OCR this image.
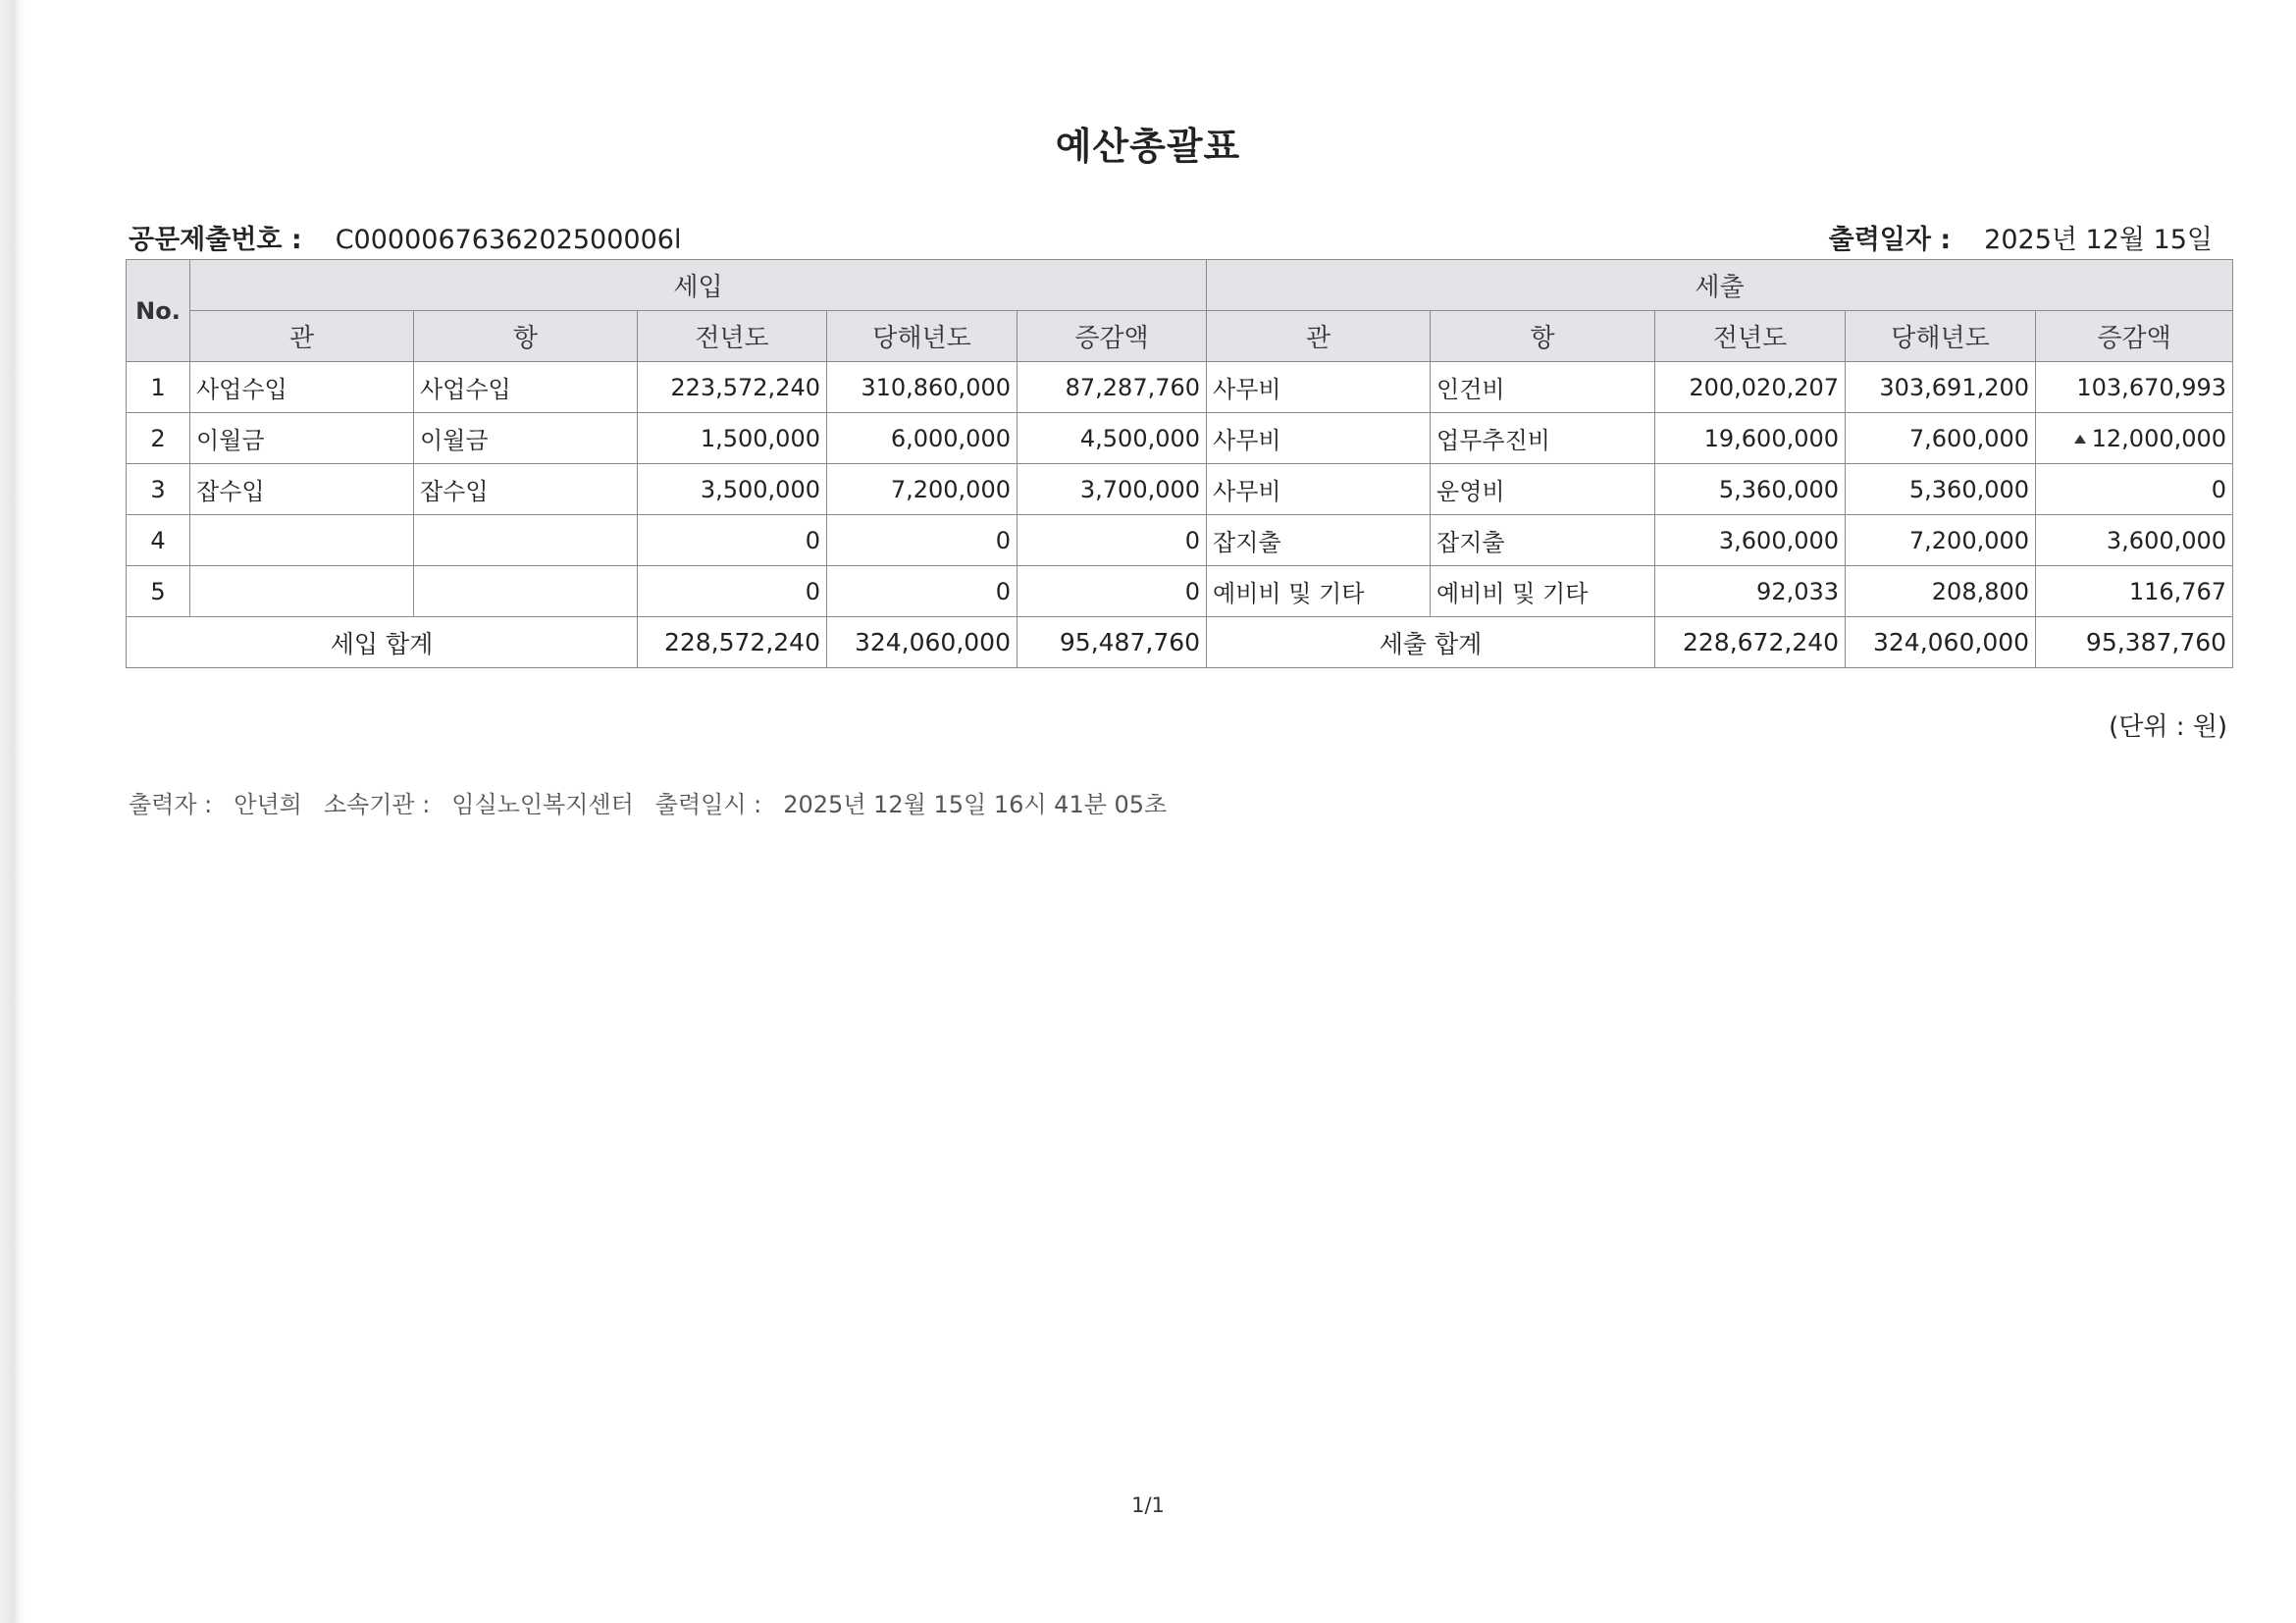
예산총괄표
공문제출번호 : C0000067636202500006l	출력일자 : 2025년 12월 15일
No.	세입					세출				
	관	항	전년도	당해년도	증감액	관	항	전년도	당해년도	증감액
1	사업수입	사업수입	223,572,240	310,860,000	87,287,760	사무비	인건비	200,020,207	303,691,200	103,670,993
2	이월금	이월금	1,500,000	6,000,000	4,500,000	사무비	업무추진비	19,600,000	7,600,000	12,000,000
3	잡수입	잡수입	3,500,000	7,200,000	3,700,000	사무비	운영비	5,360,000	5,360,000	0
4			0	0	0	잡지출	잡지출	3,600,000	7,200,000	3,600,000
5			0	0	0	예비비 및 기타	예비비 및 기타	92,033	208,800	116,767
세입 합계			228,572,240	324,060,000	95,487,760	세출 합계		228,672,240	324,060,000	95,387,760
(단위 : 원)
출력자 : 안년희 소속기관 : 임실노인복지센터 출력일시 : 2025년 12월 15일 16시 41분 05초
1/1
